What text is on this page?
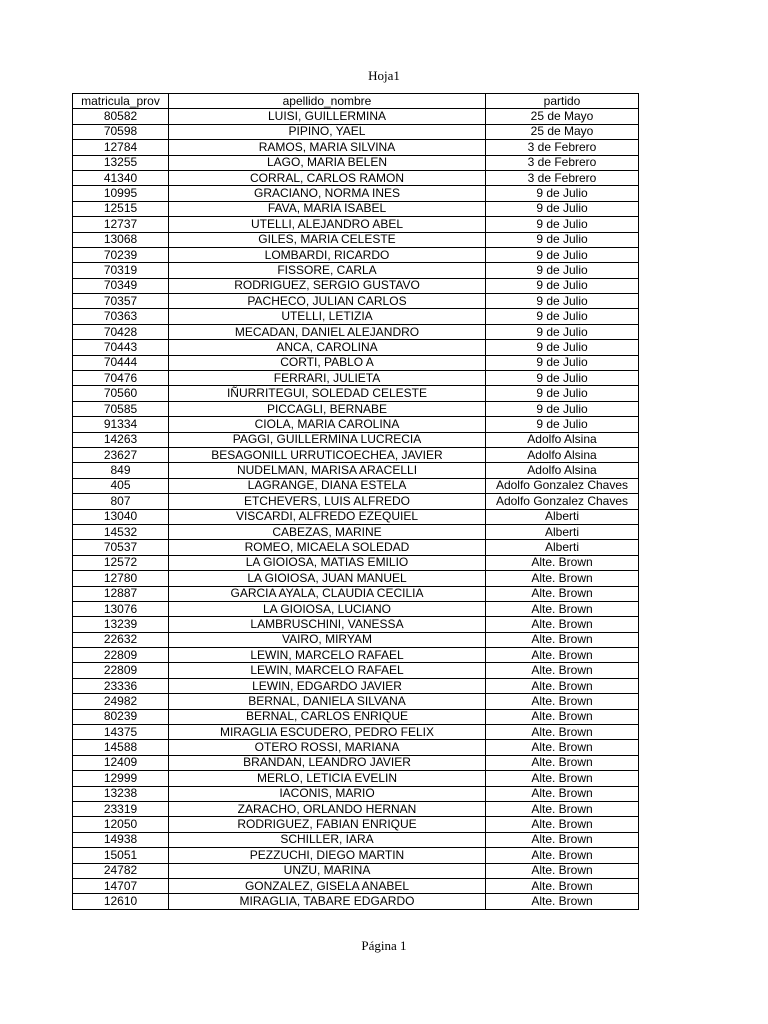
Hoja1
matricula_prov	apellido_nombre	partido
80582	LUISI, GUILLERMINA	25 de Mayo
70598	PIPINO, YAEL	25 de Mayo
12784	RAMOS, MARIA SILVINA	3 de Febrero
13255	LAGO, MARIA BELEN	3 de Febrero
41340	CORRAL, CARLOS RAMON	3 de Febrero
10995	GRACIANO, NORMA INES	9 de Julio
12515	FAVA, MARIA ISABEL	9 de Julio
12737	UTELLI, ALEJANDRO ABEL	9 de Julio
13068	GILES, MARIA CELESTE	9 de Julio
70239	LOMBARDI, RICARDO	9 de Julio
70319	FISSORE, CARLA	9 de Julio
70349	RODRIGUEZ, SERGIO GUSTAVO	9 de Julio
70357	PACHECO, JULIAN CARLOS	9 de Julio
70363	UTELLI, LETIZIA	9 de Julio
70428	MECADAN, DANIEL ALEJANDRO	9 de Julio
70443	ANCA, CAROLINA	9 de Julio
70444	CORTI, PABLO A	9 de Julio
70476	FERRARI, JULIETA	9 de Julio
70560	IÑURRITEGUI, SOLEDAD CELESTE	9 de Julio
70585	PICCAGLI, BERNABE	9 de Julio
91334	CIOLA, MARIA CAROLINA	9 de Julio
14263	PAGGI, GUILLERMINA LUCRECIA	Adolfo Alsina
23627	BESAGONILL URRUTICOECHEA, JAVIER	Adolfo Alsina
849	NUDELMAN, MARISA ARACELLI	Adolfo Alsina
405	LAGRANGE, DIANA ESTELA	Adolfo Gonzalez Chaves
807	ETCHEVERS, LUIS ALFREDO	Adolfo Gonzalez Chaves
13040	VISCARDI, ALFREDO EZEQUIEL	Alberti
14532	CABEZAS, MARINE	Alberti
70537	ROMEO, MICAELA SOLEDAD	Alberti
12572	LA GIOIOSA, MATIAS EMILIO	Alte. Brown
12780	LA GIOIOSA, JUAN MANUEL	Alte. Brown
12887	GARCIA AYALA, CLAUDIA CECILIA	Alte. Brown
13076	LA GIOIOSA, LUCIANO	Alte. Brown
13239	LAMBRUSCHINI, VANESSA	Alte. Brown
22632	VAIRO, MIRYAM	Alte. Brown
22809	LEWIN, MARCELO RAFAEL	Alte. Brown
22809	LEWIN, MARCELO RAFAEL	Alte. Brown
23336	LEWIN, EDGARDO JAVIER	Alte. Brown
24982	BERNAL, DANIELA SILVANA	Alte. Brown
80239	BERNAL, CARLOS ENRIQUE	Alte. Brown
14375	MIRAGLIA ESCUDERO, PEDRO FELIX	Alte. Brown
14588	OTERO ROSSI, MARIANA	Alte. Brown
12409	BRANDAN, LEANDRO JAVIER	Alte. Brown
12999	MERLO, LETICIA EVELIN	Alte. Brown
13238	IACONIS, MARIO	Alte. Brown
23319	ZARACHO, ORLANDO HERNAN	Alte. Brown
12050	RODRIGUEZ, FABIAN ENRIQUE	Alte. Brown
14938	SCHILLER, IARA	Alte. Brown
15051	PEZZUCHI, DIEGO MARTIN	Alte. Brown
24782	UNZU, MARINA	Alte. Brown
14707	GONZALEZ, GISELA ANABEL	Alte. Brown
12610	MIRAGLIA, TABARE EDGARDO	Alte. Brown
Página 1
